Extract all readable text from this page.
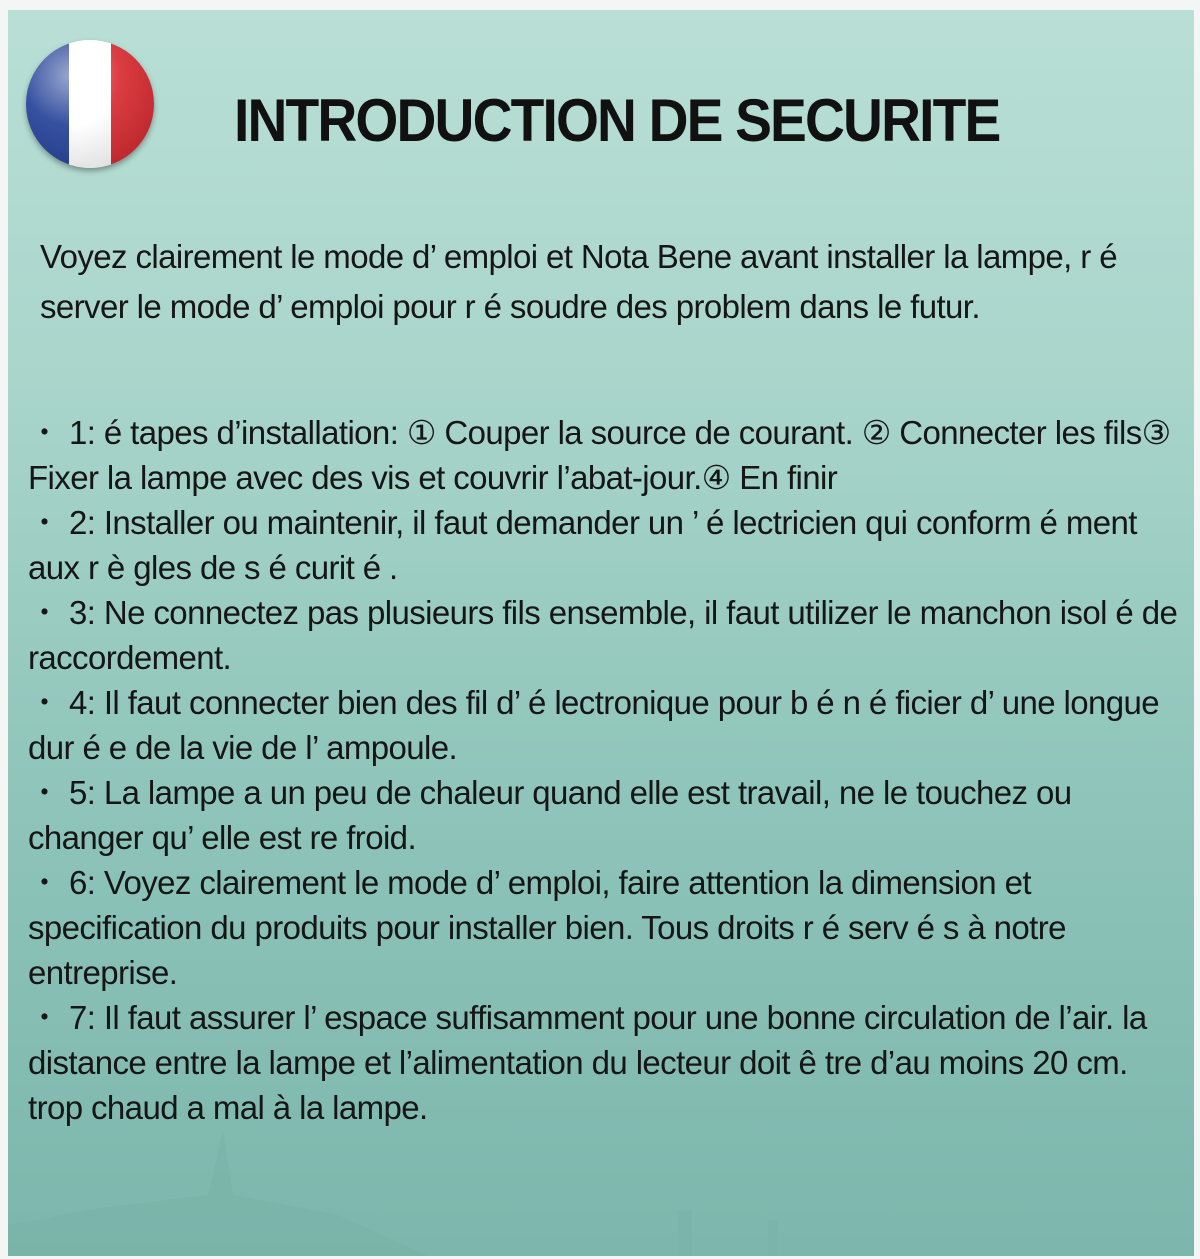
INTRODUCTION DE SECURITE

Voyez clairement le mode d’ emploi et Nota Bene avant installer la lampe, r é server le mode d’ emploi pour r é soudre des problem dans le futur.

・ 1: é tapes d’installation: ① Couper la source de courant. ② Connecter les fils③ Fixer la lampe avec des vis et couvrir l’abat-jour.④ En finir
・ 2: Installer ou maintenir, il faut demander un ’ é lectricien qui conform é ment aux r è gles de s é curit é .
・ 3: Ne connectez pas plusieurs fils ensemble, il faut utilizer le manchon isol é de raccordement.
・ 4: Il faut connecter bien des fil d’ é lectronique pour b é n é ficier d’ une longue dur é e de la vie de l’ ampoule.
・ 5: La lampe a un peu de chaleur quand elle est travail, ne le touchez ou changer qu’ elle est re froid.
・ 6: Voyez clairement le mode d’ emploi, faire attention la dimension et specification du produits pour installer bien. Tous droits r é serv é s à notre entreprise.
・ 7: Il faut assurer l’ espace suffisamment pour une bonne circulation de l’air. la distance entre la lampe et l’alimentation du lecteur doit ê tre d’au moins 20 cm. trop chaud a mal à la lampe.
